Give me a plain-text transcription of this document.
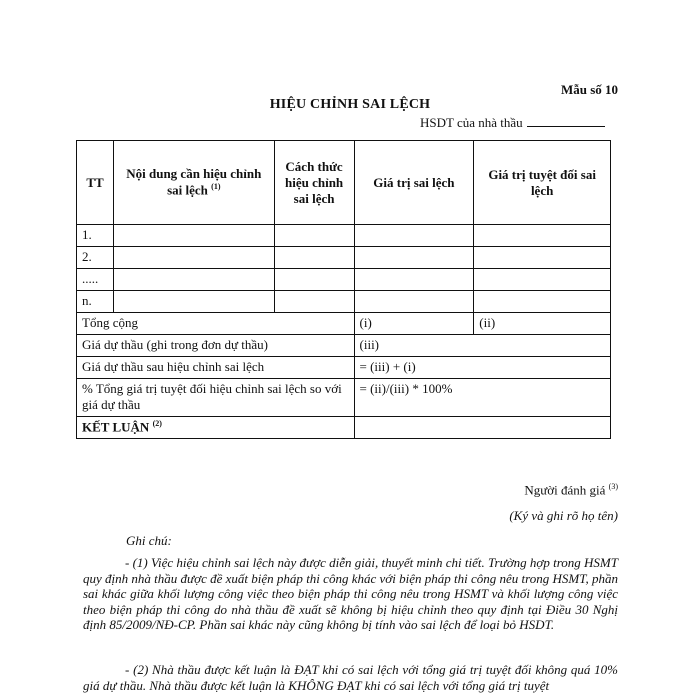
Mẫu số 10
HIỆU CHỈNH SAI LỆCH
HSDT của nhà thầu
TT	Nội dung cần hiệu chỉnh sai lệch $^{(1)}$	Cách thức hiệu chỉnh sai lệch	Giá trị sai lệch	Giá trị tuyệt đối sai lệch
1.				
2.				
.....				
n.				
Tổng cộng			(i)	(ii)
Giá dự thầu (ghi trong đơn dự thầu)			(iii)	
Giá dự thầu sau hiệu chỉnh sai lệch			= (iii) + (i)	
% Tổng giá trị tuyệt đối hiệu chỉnh sai lệch so với giá dự thầu			= (ii)/(iii) * 100%	
KẾT LUẬN $^{(2)}$	
Người đánh giá $^{(3)}$
(Ký và ghi rõ họ tên)
Ghi chú:
- (1) Việc hiệu chỉnh sai lệch này được diễn giải, thuyết minh chi tiết. Trường hợp trong HSMT quy định nhà thầu được đề xuất biện pháp thi công khác với biện pháp thi công nêu trong HSMT, phần sai khác giữa khối lượng công việc theo biện pháp thi công nêu trong HSMT và khối lượng công việc theo biện pháp thi công do nhà thầu đề xuất sẽ không bị hiệu chỉnh theo quy định tại Điều 30 Nghị định 85/2009/NĐ-CP. Phần sai khác này cũng không bị tính vào sai lệch để loại bỏ HSDT.
- (2) Nhà thầu được kết luận là ĐẠT khi có sai lệch với tổng giá trị tuyệt đối không quá 10% giá dự thầu. Nhà thầu được kết luận là KHÔNG ĐẠT khi có sai lệch với tổng giá trị tuyệt
